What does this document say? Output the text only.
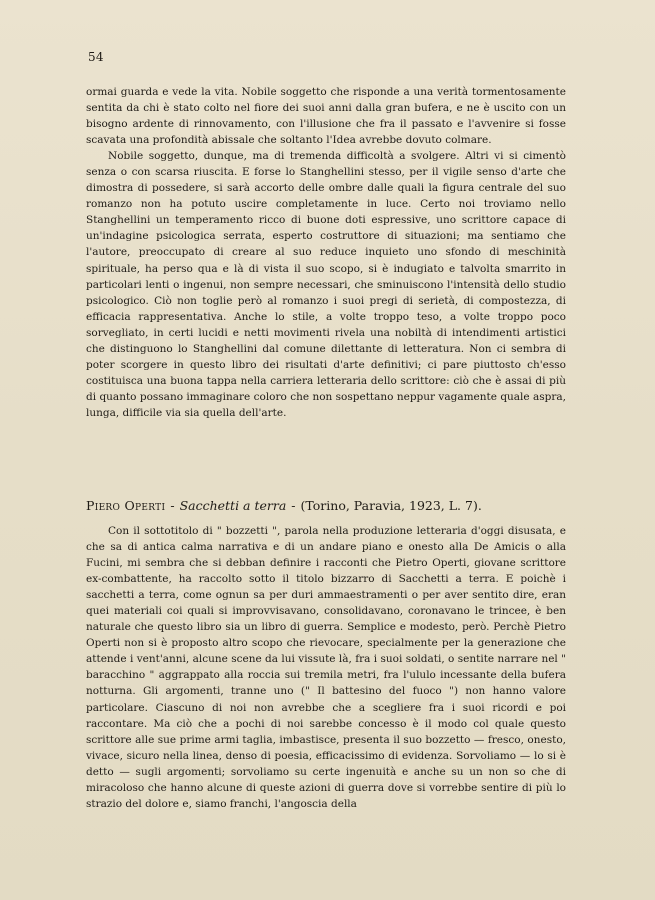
54

ormai guarda e vede la vita. Nobile soggetto che risponde a una verità tormentosamente sentita da chi è stato colto nel fiore dei suoi anni dalla gran bufera, e ne è uscito con un bisogno ardente di rinnovamento, con l'illusione che fra il passato e l'avvenire si fosse scavata una profondità abissale che soltanto l'Idea avrebbe dovuto colmare.

Nobile soggetto, dunque, ma di tremenda difficoltà a svolgere. Altri vi si cimentò senza o con scarsa riuscita. E forse lo Stanghellini stesso, per il vigile senso d'arte che dimostra di possedere, si sarà accorto delle ombre dalle quali la figura centrale del suo romanzo non ha potuto uscire completamente in luce. Certo noi troviamo nello Stanghellini un temperamento ricco di buone doti espressive, uno scrittore capace di un'indagine psicologica serrata, esperto costruttore di situazioni; ma sentiamo che l'autore, preoccupato di creare al suo reduce inquieto uno sfondo di meschinità spirituale, ha perso qua e là di vista il suo scopo, si è indugiato e talvolta smarrito in particolari lenti o ingenui, non sempre necessari, che sminuiscono l'intensità dello studio psicologico. Ciò non toglie però al romanzo i suoi pregi di serietà, di compostezza, di efficacia rappresentativa. Anche lo stile, a volte troppo teso, a volte troppo poco sorvegliato, in certi lucidi e netti movimenti rivela una nobiltà di intendimenti artistici che distinguono lo Stanghellini dal comune dilettante di letteratura. Non ci sembra di poter scorgere in questo libro dei risultati d'arte definitivi; ci pare piuttosto ch'esso costituisca una buona tappa nella carriera letteraria dello scrittore: ciò che è assai di più di quanto possano immaginare coloro che non sospettano neppur vagamente quale aspra, lunga, difficile via sia quella dell'arte.

Piero Operti - Sacchetti a terra - (Torino, Paravia, 1923, L. 7).

Con il sottotitolo di " bozzetti ", parola nella produzione letteraria d'oggi disusata, e che sa di antica calma narrativa e di un andare piano e onesto alla De Amicis o alla Fucini, mi sembra che si debban definire i racconti che Pietro Operti, giovane scrittore ex-combattente, ha raccolto sotto il titolo bizzarro di Sacchetti a terra. E poichè i sacchetti a terra, come ognun sa per duri ammaestramenti o per aver sentito dire, eran quei materiali coi quali si improvvisavano, consolidavano, coronavano le trincee, è ben naturale che questo libro sia un libro di guerra. Semplice e modesto, però. Perchè Pietro Operti non si è proposto altro scopo che rievocare, specialmente per la generazione che attende i vent'anni, alcune scene da lui vissute là, fra i suoi soldati, o sentite narrare nel " baracchino " aggrappato alla roccia sui tremila metri, fra l'ululo incessante della bufera notturna. Gli argomenti, tranne uno (" Il battesino del fuoco ") non hanno valore particolare. Ciascuno di noi non avrebbe che a scegliere fra i suoi ricordi e poi raccontare. Ma ciò che a pochi di noi sarebbe concesso è il modo col quale questo scrittore alle sue prime armi taglia, imbastisce, presenta il suo bozzetto — fresco, onesto, vivace, sicuro nella linea, denso di poesia, efficacissimo di evidenza. Sorvoliamo — lo si è detto — sugli argomenti; sorvoliamo su certe ingenuità e anche su un non so che di miracoloso che hanno alcune di queste azioni di guerra dove si vorrebbe sentire di più lo strazio del dolore e, siamo franchi, l'angoscia della
